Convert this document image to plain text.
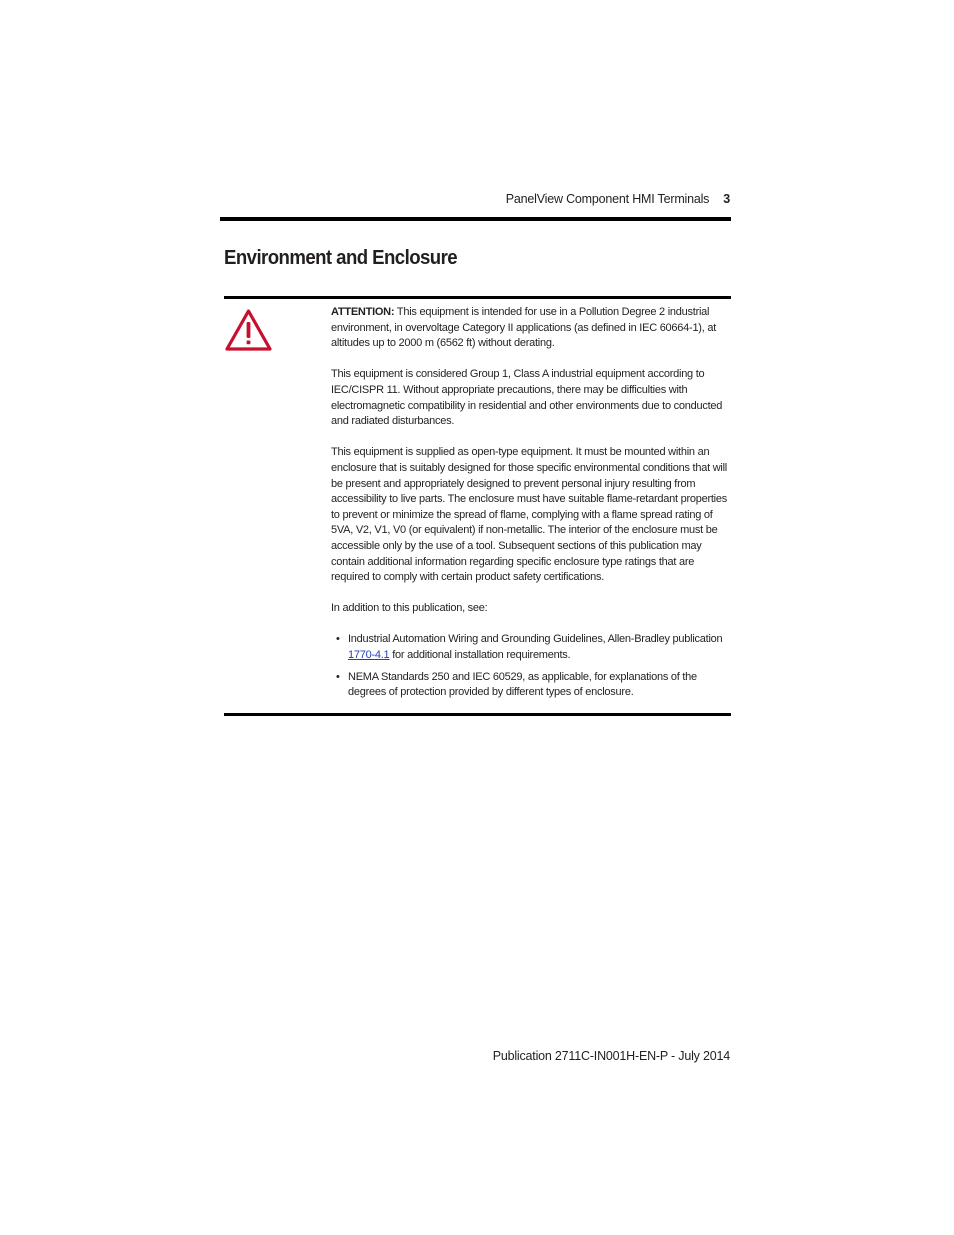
PanelView Component HMI Terminals 3
Environment and Enclosure

ATTENTION: This equipment is intended for use in a Pollution Degree 2 industrial environment, in overvoltage Category II applications (as defined in IEC 60664-1), at altitudes up to 2000 m (6562 ft) without derating.

This equipment is considered Group 1, Class A industrial equipment according to IEC/CISPR 11. Without appropriate precautions, there may be difficulties with electromagnetic compatibility in residential and other environments due to conducted and radiated disturbances.

This equipment is supplied as open-type equipment. It must be mounted within an enclosure that is suitably designed for those specific environmental conditions that will be present and appropriately designed to prevent personal injury resulting from accessibility to live parts. The enclosure must have suitable flame-retardant properties to prevent or minimize the spread of flame, complying with a flame spread rating of 5VA, V2, V1, V0 (or equivalent) if non-metallic. The interior of the enclosure must be accessible only by the use of a tool. Subsequent sections of this publication may contain additional information regarding specific enclosure type ratings that are required to comply with certain product safety certifications.

In addition to this publication, see:

• Industrial Automation Wiring and Grounding Guidelines, Allen-Bradley publication 1770-4.1 for additional installation requirements.
• NEMA Standards 250 and IEC 60529, as applicable, for explanations of the degrees of protection provided by different types of enclosure.
Publication 2711C-IN001H-EN-P - July 2014
